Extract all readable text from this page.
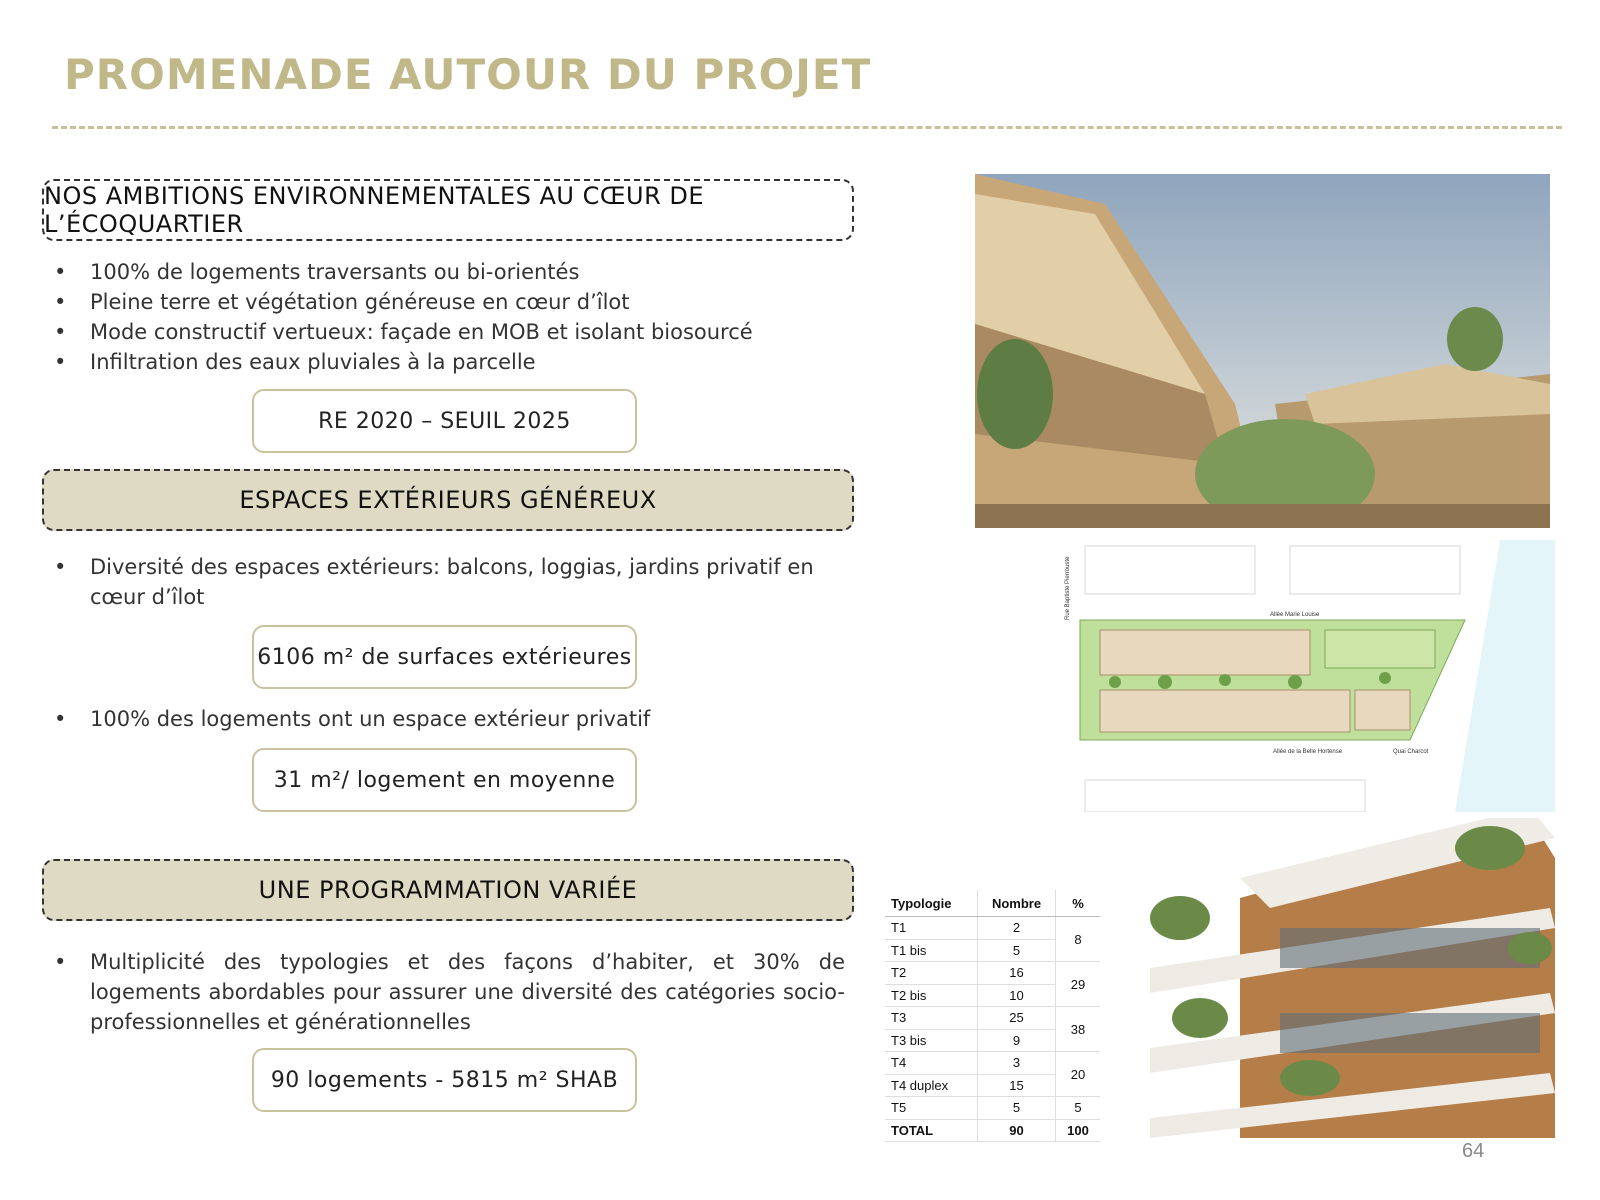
PROMENADE AUTOUR DU PROJET
NOS AMBITIONS ENVIRONNEMENTALES AU CŒUR DE L’ÉCOQUARTIER
• 100% de logements traversants ou bi-orientés
• Pleine terre et végétation généreuse en cœur d’îlot
• Mode constructif vertueux: façade en MOB et isolant biosourcé
• Infiltration des eaux pluviales à la parcelle
RE 2020 – SEUIL 2025
ESPACES EXTÉRIEURS GÉNÉREUX
• Diversité des espaces extérieurs: balcons, loggias, jardins privatif en cœur d’îlot
6106 m² de surfaces extérieures
• 100% des logements ont un espace extérieur privatif
31 m²/ logement en moyenne
UNE PROGRAMMATION VARIÉE
• Multiplicité des typologies et des façons d’habiter, et 30% de logements abordables pour assurer une diversité des catégories socio-professionnelles et générationnelles
90 logements - 5815 m² SHAB
Allée Marie Louise
Allée de la Belle Hortense	Quai Charcot
Rue Baptiste Pierrouste
Typologie	Nombre	%
T1	2	8
T1 bis	5	
T2	16	29
T2 bis	10	
T3	25	38
T3 bis	9	
T4	3	20
T4 duplex	15	
T5	5	5
TOTAL	90	100
64
